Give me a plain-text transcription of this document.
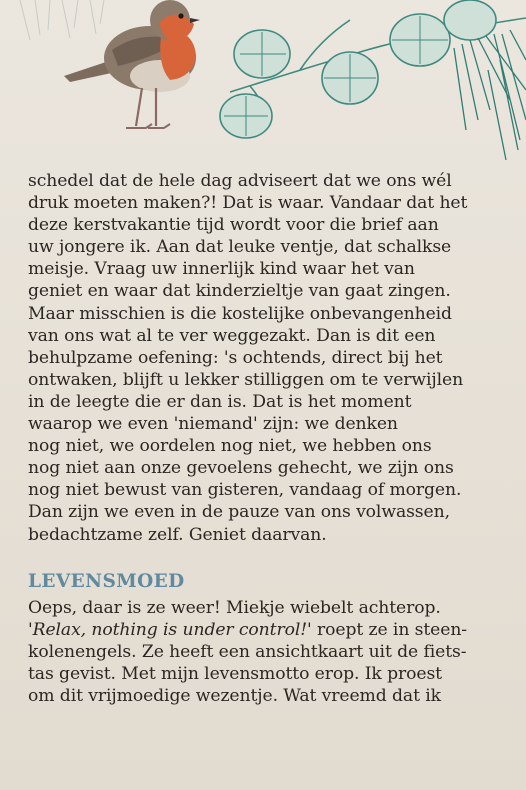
schedel dat de hele dag adviseert dat we ons wél
druk moeten maken?! Dat is waar. Vandaar dat het
deze kerstvakantie tijd wordt voor die brief aan
uw jongere ik. Aan dat leuke ventje, dat schalkse
meisje. Vraag uw innerlijk kind waar het van
geniet en waar dat kinderzieltje van gaat zingen.
Maar misschien is die kostelijke onbevangenheid
van ons wat al te ver weggezakt. Dan is dit een
behulpzame oefening: 's ochtends, direct bij het
ontwaken, blijft u lekker stilliggen om te verwijlen
in de leegte die er dan is. Dat is het moment
waarop we even 'niemand' zijn: we denken
nog niet, we oordelen nog niet, we hebben ons
nog niet aan onze gevoelens gehecht, we zijn ons
nog niet bewust van gisteren, vandaag of morgen.
Dan zijn we even in de pauze van ons volwassen,
bedachtzame zelf. Geniet daarvan.
LEVENSMOED
Oeps, daar is ze weer! Miekje wiebelt achterop.
'Relax, nothing is under control!' roept ze in steen-
kolenengels. Ze heeft een ansichtkaart uit de fiets-
tas gevist. Met mijn levensmotto erop. Ik proest
om dit vrijmoedige wezentje. Wat vreemd dat ik
